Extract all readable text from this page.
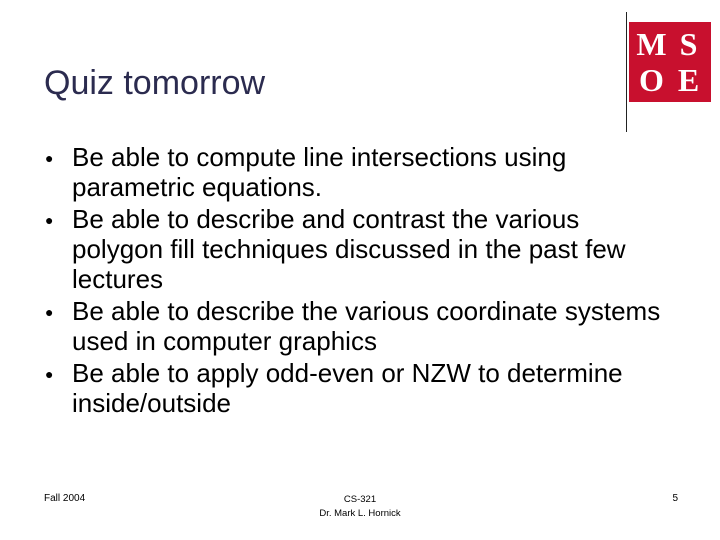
Quiz tomorrow
M S
O E
● Be able to compute line intersections using parametric equations.
● Be able to describe and contrast the various polygon fill techniques discussed in the past few lectures
● Be able to describe the various coordinate systems used in computer graphics
● Be able to apply odd-even or NZW to determine inside/outside
Fall 2004	CS-321
Dr. Mark L. Hornick
5
